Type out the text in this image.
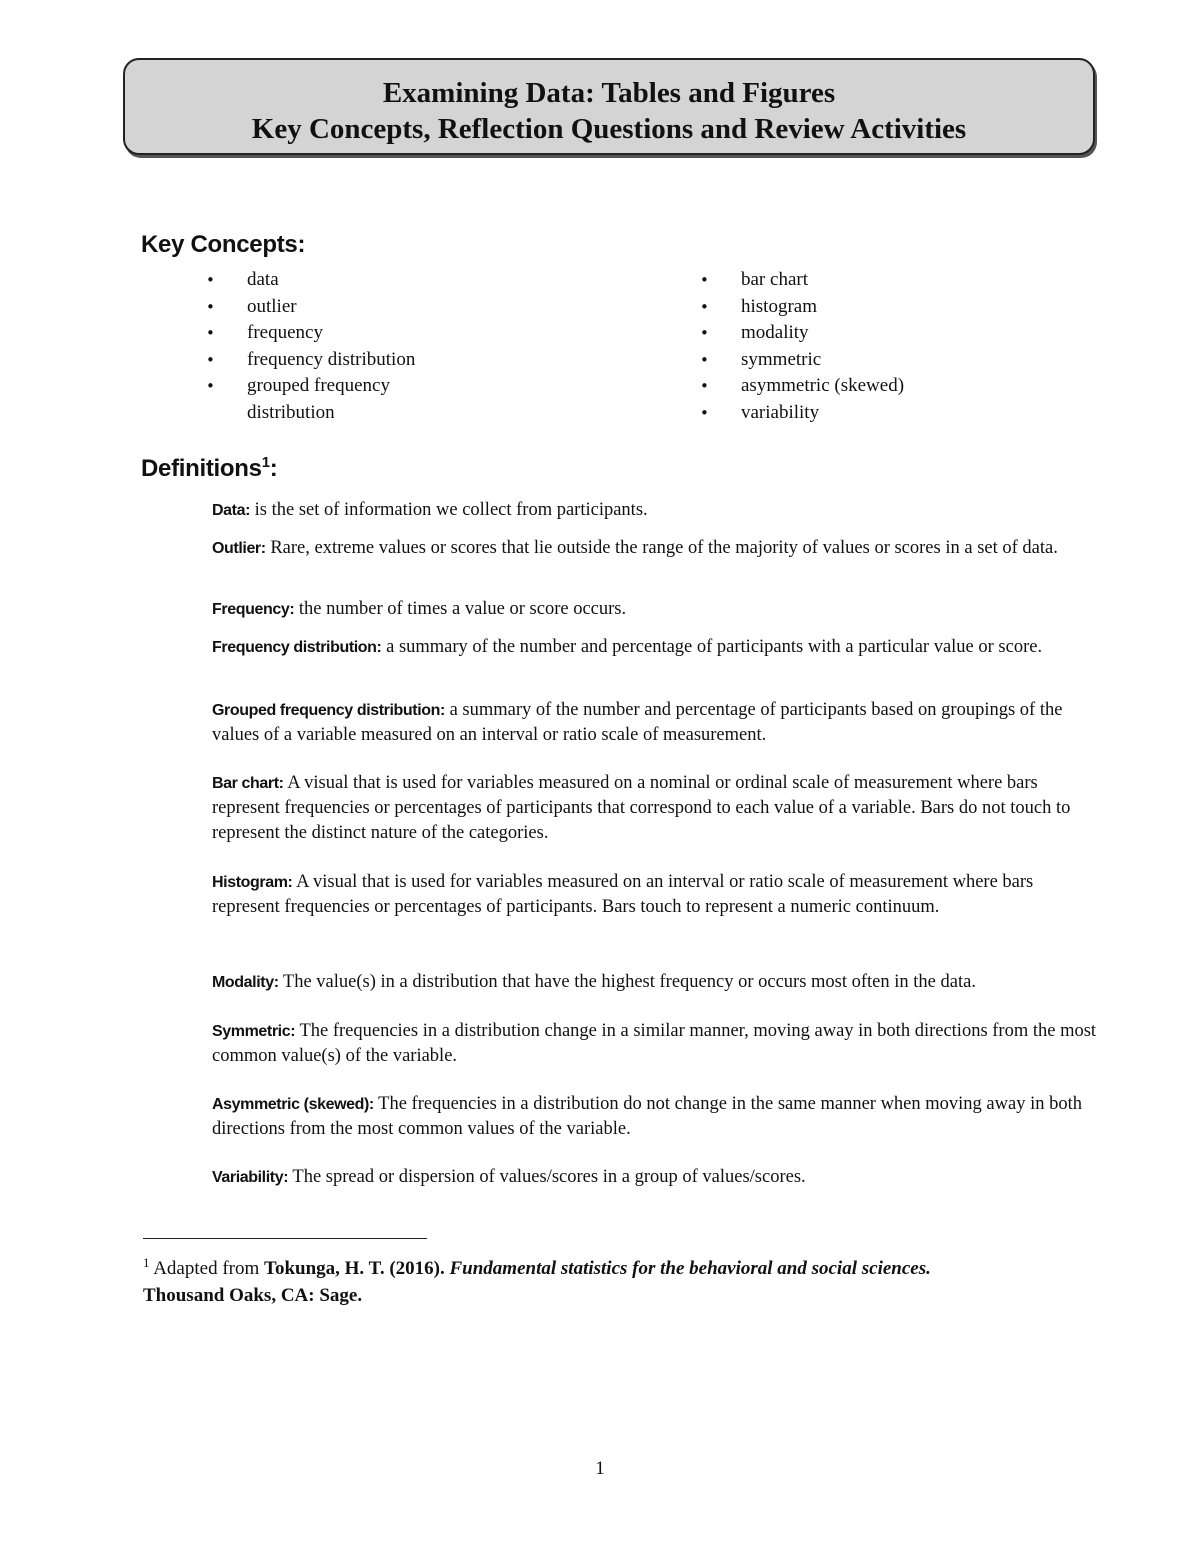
Examining Data: Tables and Figures
Key Concepts, Reflection Questions and Review Activities
Key Concepts:
• data
• outlier
• frequency
• frequency distribution
• grouped frequency distribution
• bar chart
• histogram
• modality
• symmetric
• asymmetric (skewed)
• variability
Definitions$^1$:
Data: is the set of information we collect from participants.
Outlier: Rare, extreme values or scores that lie outside the range of the majority of values or scores in a set of data.
Frequency: the number of times a value or score occurs.
Frequency distribution: a summary of the number and percentage of participants with a particular value or score.
Grouped frequency distribution: a summary of the number and percentage of participants based on groupings of the values of a variable measured on an interval or ratio scale of measurement.
Bar chart: A visual that is used for variables measured on a nominal or ordinal scale of measurement where bars represent frequencies or percentages of participants that correspond to each value of a variable. Bars do not touch to represent the distinct nature of the categories.
Histogram: A visual that is used for variables measured on an interval or ratio scale of measurement where bars represent frequencies or percentages of participants. Bars touch to represent a numeric continuum.
Modality: The value(s) in a distribution that have the highest frequency or occurs most often in the data.
Symmetric: The frequencies in a distribution change in a similar manner, moving away in both directions from the most common value(s) of the variable.
Asymmetric (skewed): The frequencies in a distribution do not change in the same manner when moving away in both directions from the most common values of the variable.
Variability: The spread or dispersion of values/scores in a group of values/scores.
$^1$ Adapted from Tokunga, H. T. (2016). Fundamental statistics for the behavioral and social sciences.
Thousand Oaks, CA: Sage.
1
